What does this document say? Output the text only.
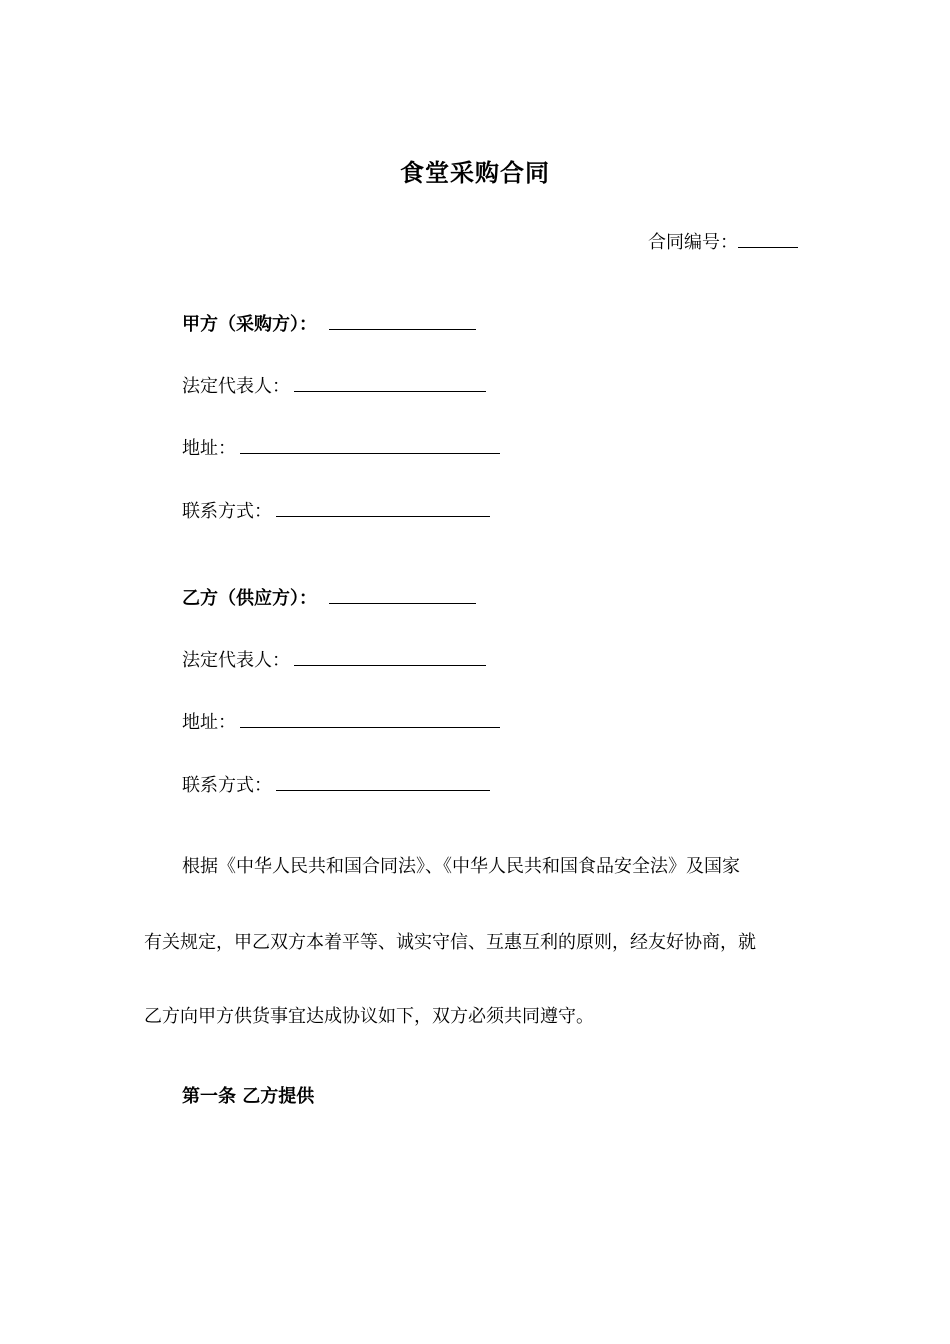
食堂采购合同
合同编号：
甲方（采购方）：
法定代表人：
地址：
联系方式：
乙方（供应方）：
法定代表人：
地址：
联系方式：
根据《中华人民共和国合同法》、《中华人民共和国食品安全法》及国家
有关规定，甲乙双方本着平等、诚实守信、互惠互利的原则，经友好协商，就
乙方向甲方供货事宜达成协议如下，双方必须共同遵守。
第一条 乙方提供
